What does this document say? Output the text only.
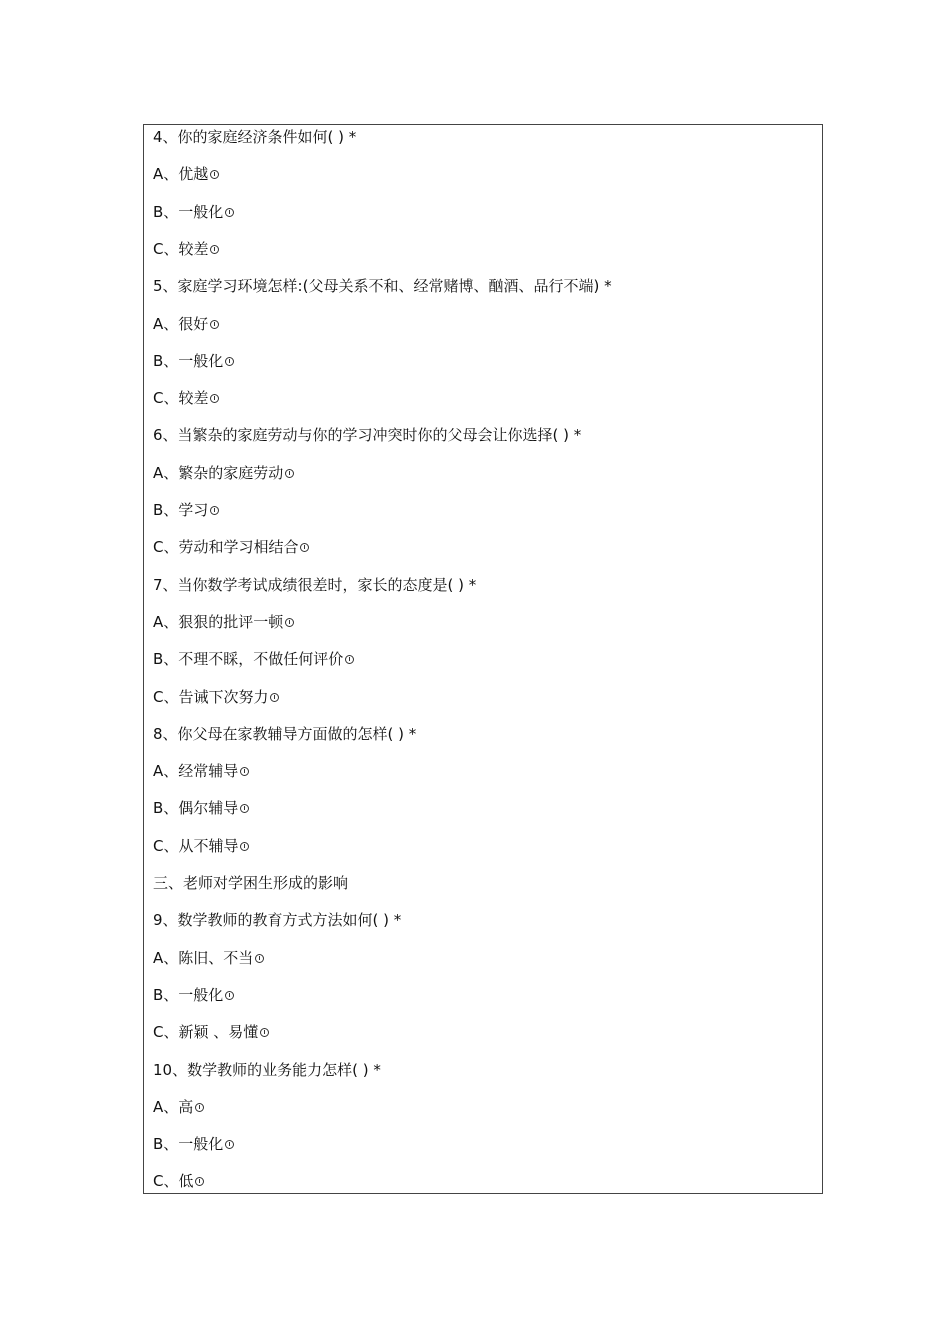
4、你的家庭经济条件如何( ) *
A、优越
B、一般化
C、较差
5、家庭学习环境怎样:(父母关系不和、经常赌博、酗酒、品行不端) *
A、很好
B、一般化
C、较差
6、当繁杂的家庭劳动与你的学习冲突时你的父母会让你选择( ) *
A、繁杂的家庭劳动
B、学习
C、劳动和学习相结合
7、当你数学考试成绩很差时，家长的态度是( ) *
A、狠狠的批评一顿
B、不理不睬，不做任何评价
C、告诫下次努力
8、你父母在家教辅导方面做的怎样( ) *
A、经常辅导
B、偶尔辅导
C、从不辅导
三、老师对学困生形成的影响
9、数学教师的教育方式方法如何( ) *
A、陈旧、不当
B、一般化
C、新颖 、易懂
10、数学教师的业务能力怎样( ) *
A、高
B、一般化
C、低
